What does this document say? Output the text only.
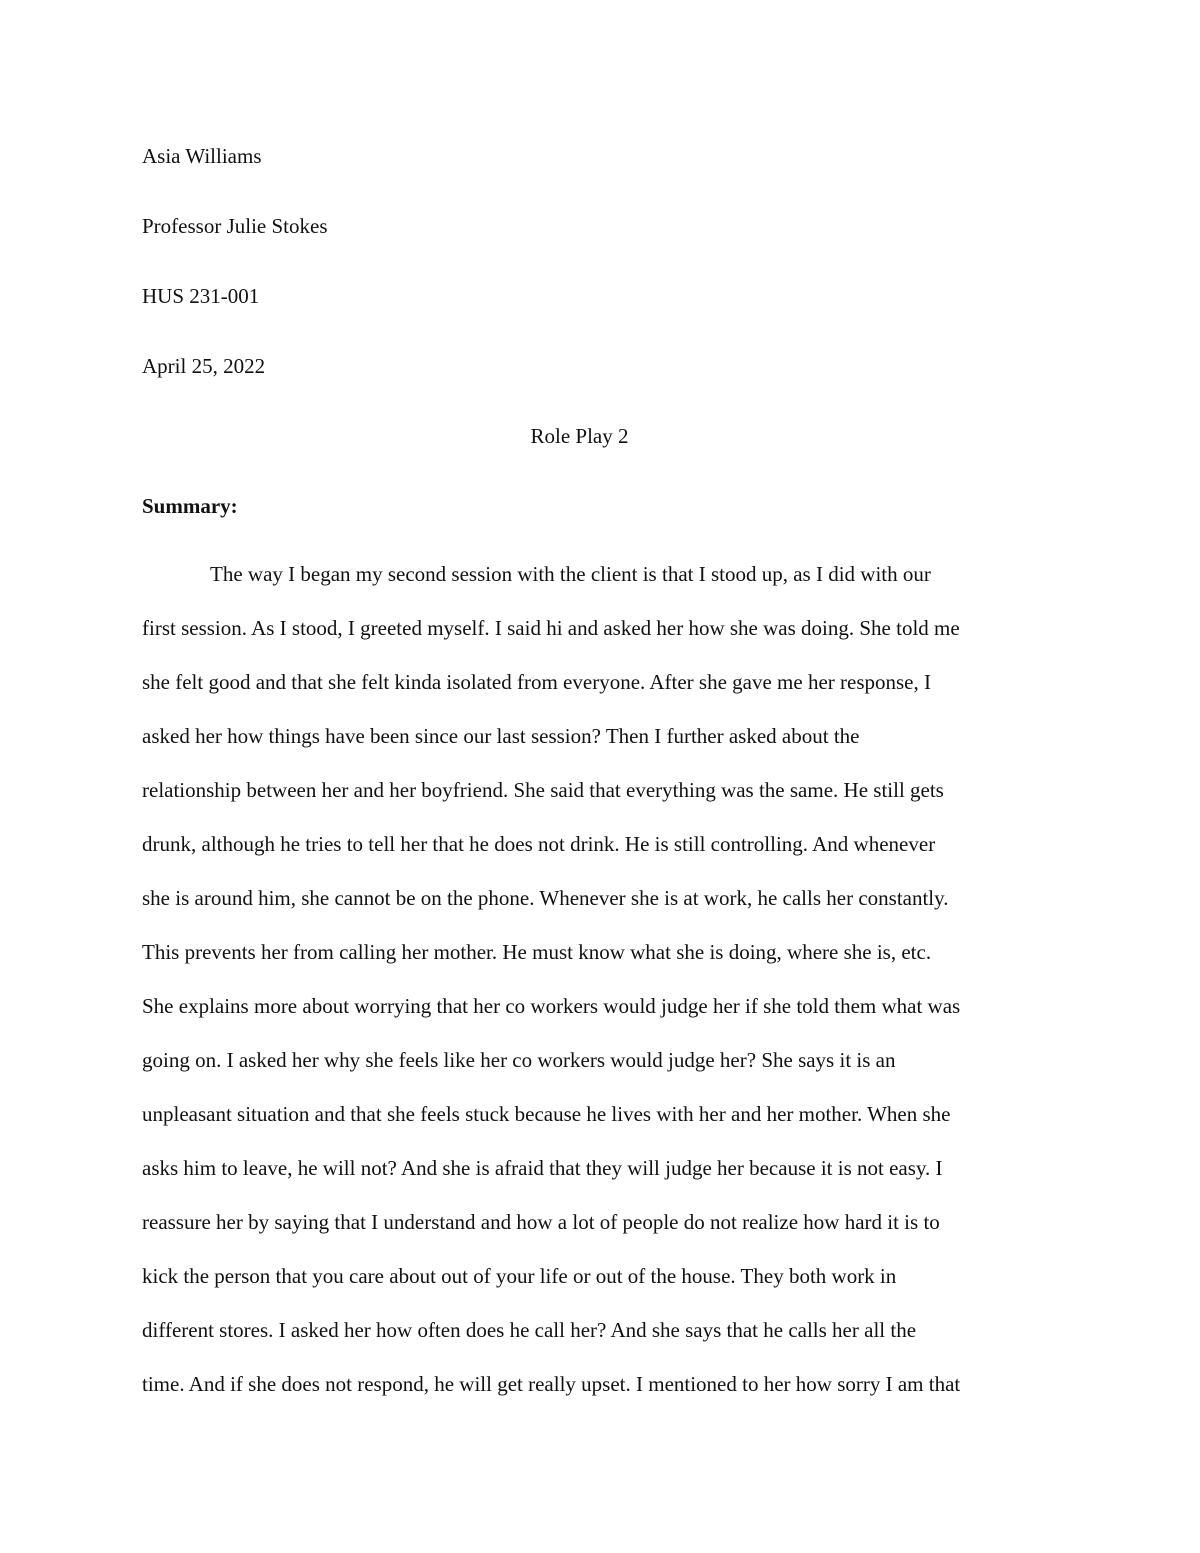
Asia Williams
Professor Julie Stokes
HUS 231-001
April 25, 2022
Role Play 2
Summary:
The way I began my second session with the client is that I stood up, as I did with our
first session. As I stood, I greeted myself. I said hi and asked her how she was doing. She told me
she felt good and that she felt kinda isolated from everyone. After she gave me her response, I
asked her how things have been since our last session? Then I further asked about the
relationship between her and her boyfriend. She said that everything was the same. He still gets
drunk, although he tries to tell her that he does not drink. He is still controlling. And whenever
she is around him, she cannot be on the phone. Whenever she is at work, he calls her constantly.
This prevents her from calling her mother. He must know what she is doing, where she is, etc.
She explains more about worrying that her co workers would judge her if she told them what was
going on. I asked her why she feels like her co workers would judge her? She says it is an
unpleasant situation and that she feels stuck because he lives with her and her mother. When she
asks him to leave, he will not? And she is afraid that they will judge her because it is not easy. I
reassure her by saying that I understand and how a lot of people do not realize how hard it is to
kick the person that you care about out of your life or out of the house. They both work in
different stores. I asked her how often does he call her? And she says that he calls her all the
time. And if she does not respond, he will get really upset. I mentioned to her how sorry I am that
